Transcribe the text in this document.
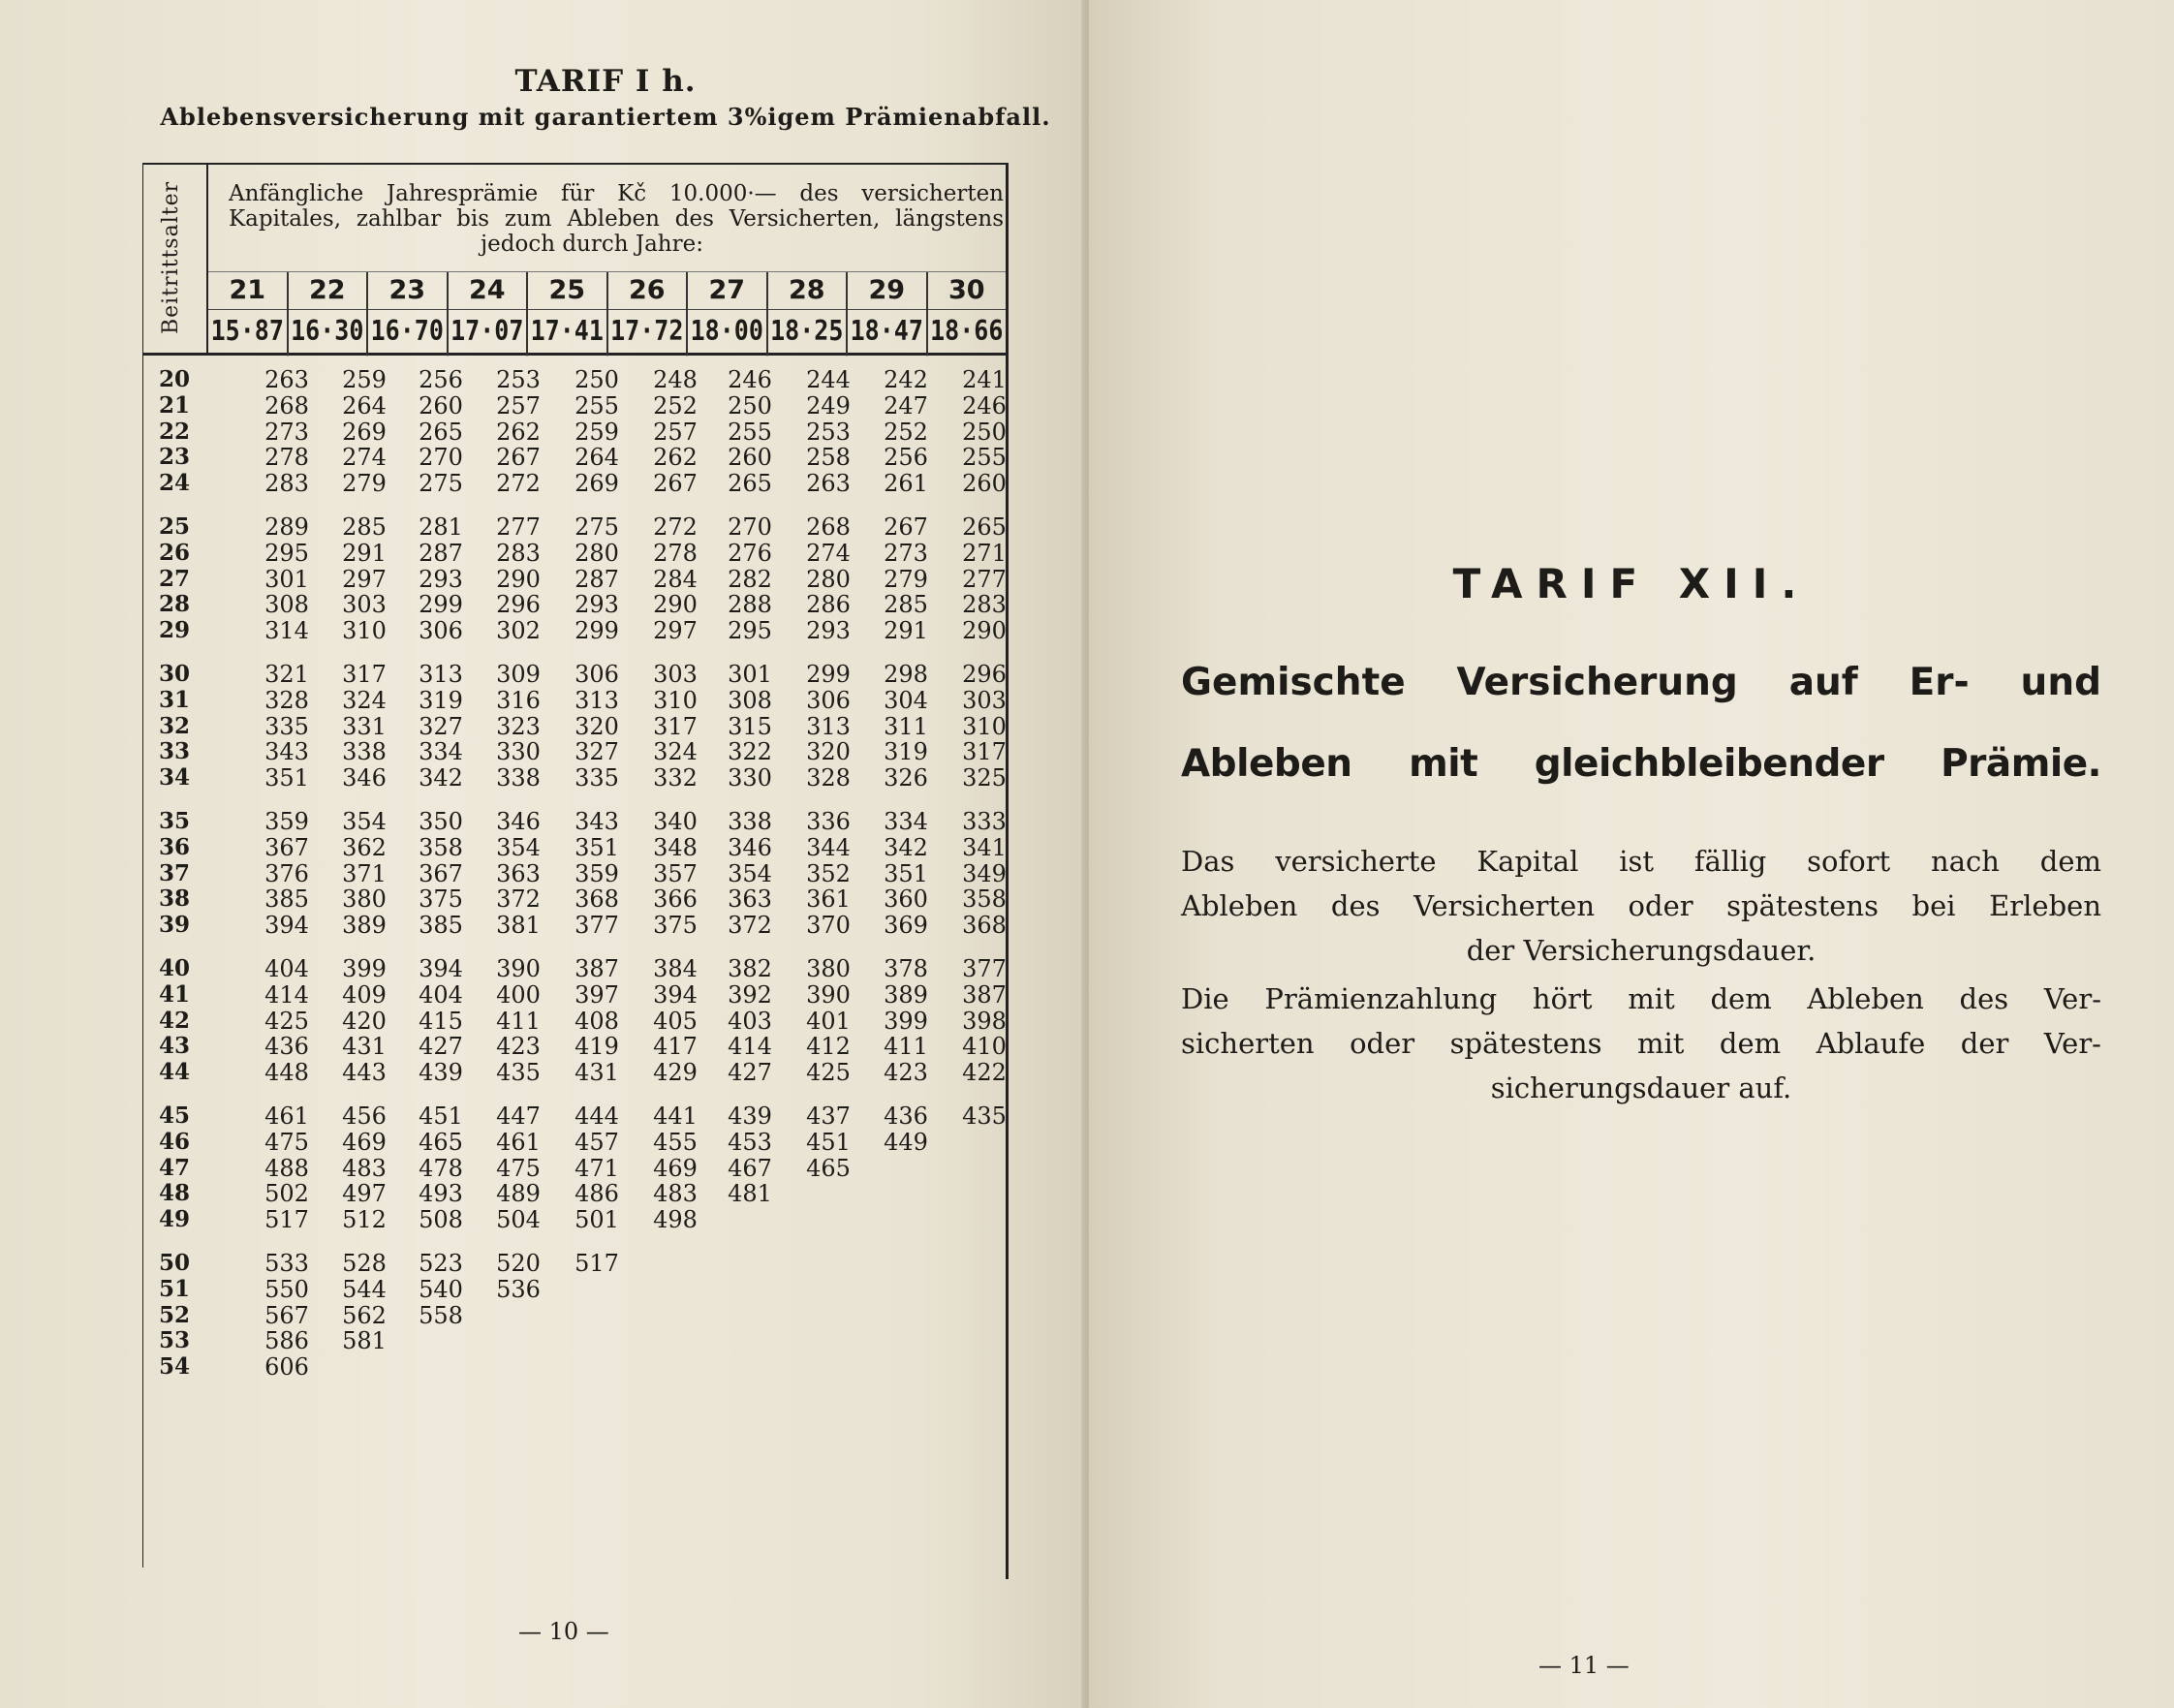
TARIF I h.
Ablebensversicherung mit garantiertem 3%igem Prämienabfall.
Beitrittsalter	Anfängliche Jahresprämie für Kč 10.000·— des versicherten
Kapitales, zahlbar bis zum Ableben des Versicherten, längstens
jedoch durch Jahre:
21	22	23	24	25	26	27	28	29	30
15·87 16·30 16·70 17·07 17·41 17·72 18·00 18·25 18·47 18·66
20	263	259	256	253	250	248	246	244	242	241
21	268	264	260	257	255	252	250	249	247	246
22	273	269	265	262	259	257	255	253	252	250
23	278	274	270	267	264	262	260	258	256	255
24	283	279	275	272	269	267	265	263	261	260
25	289	285	281	277	275	272	270	268	267	265
26	295	291	287	283	280	278	276	274	273	271
27	301	297	293	290	287	284	282	280	279	277
28	308	303	299	296	293	290	288	286	285	283
29	314	310	306	302	299	297	295	293	291	290
30	321	317	313	309	306	303	301	299	298	296
31	328	324	319	316	313	310	308	306	304	303
32	335	331	327	323	320	317	315	313	311	310
33	343	338	334	330	327	324	322	320	319	317
34	351	346	342	338	335	332	330	328	326	325
35	359	354	350	346	343	340	338	336	334	333
36	367	362	358	354	351	348	346	344	342	341
37	376	371	367	363	359	357	354	352	351	349
38	385	380	375	372	368	366	363	361	360	358
39	394	389	385	381	377	375	372	370	369	368
40	404	399	394	390	387	384	382	380	378	377
41	414	409	404	400	397	394	392	390	389	387
42	425	420	415	411	408	405	403	401	399	398
43	436	431	427	423	419	417	414	412	411	410
44	448	443	439	435	431	429	427	425	423	422
45	461	456	451	447	444	441	439	437	436	435
46	475	469	465	461	457	455	453	451	449
47	488	483	478	475	471	469	467	465
48	502	497	493	489	486	483	481
49	517	512	508	504	501	498
50	533	528	523	520	517
51	550	544	540	536
52	567	562	558
53	586	581
54	606
— 10 —
TARIF XII.
Gemischte Versicherung auf Er- und
Ableben mit gleichbleibender Prämie.
Das versicherte Kapital ist fällig sofort nach dem
Ableben des Versicherten oder spätestens bei Erleben
der Versicherungsdauer.
Die Prämienzahlung hört mit dem Ableben des Ver-
sicherten oder spätestens mit dem Ablaufe der Ver-
sicherungsdauer auf.
— 11 —
